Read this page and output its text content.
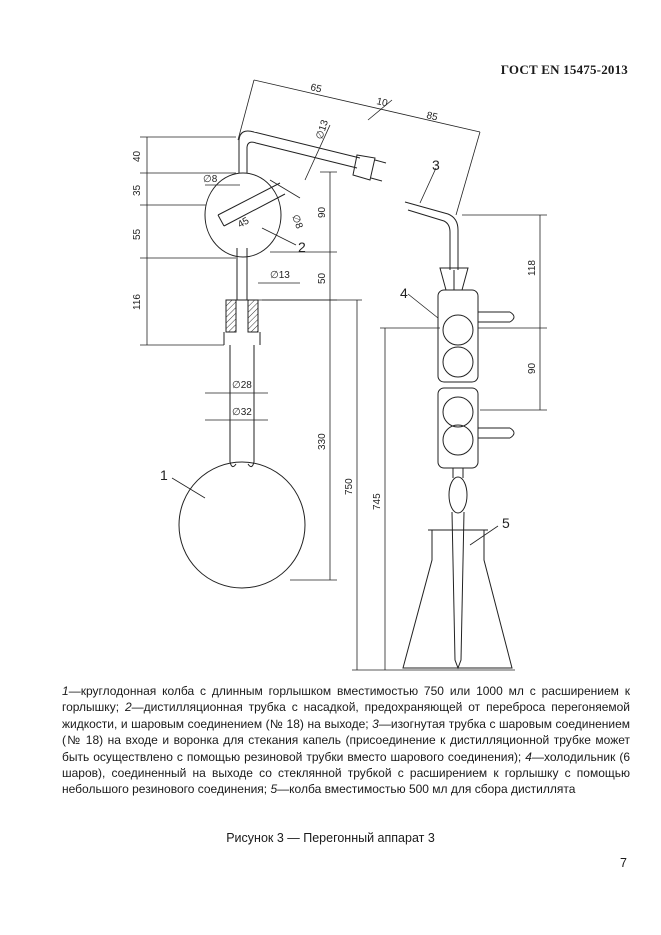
ГОСТ EN 15475-2013
65
10
85
∅13
40
35
55
116
∅8
45	∅8
90
50
∅13
∅28
∅32
330
750
745
118
90
1
2
3
4
5
1—круглодонная колба с длинным горлышком вместимостью 750 или 1000 мл с расширением к горлышку; 2—дистилляционная трубка с насадкой, предохраняющей от переброса перегоняемой жидкости, и шаровым соединением (№ 18) на выходе; 3—изогнутая трубка с шаровым соединением (№ 18) на входе и воронка для стекания капель (присоединение к дистилляционной трубке может быть осуществлено с помощью резиновой трубки вместо шарового соединения); 4—холодильник (6 шаров), соединенный на выходе со стеклянной трубкой с расширением к горлышку с помощью небольшого резинового соединения; 5—колба вместимостью 500 мл для сбора дистиллята
Рисунок 3 — Перегонный аппарат 3
7
